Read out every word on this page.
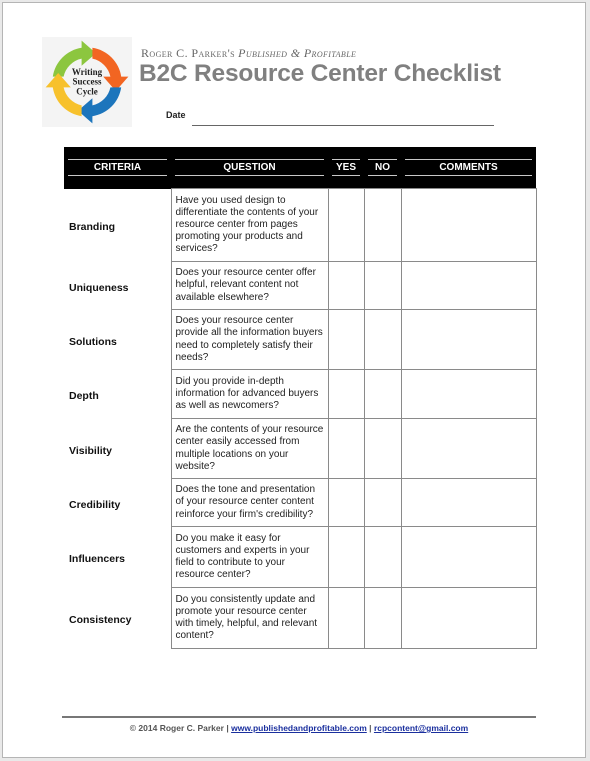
Writing
Success
Cycle
Roger C. Parker's Published & Profitable
B2C Resource Center Checklist
Date
CRITERIA	QUESTION	YES	NO	COMMENTS

Branding	Have you used design to differentiate the contents of your resource center from pages promoting your products and services?			
Uniqueness	Does your resource center offer helpful, relevant content not available elsewhere?			
Solutions	Does your resource center provide all the information buyers need to completely satisfy their needs?			
Depth	Did you provide in-depth information for advanced buyers as well as newcomers?			
Visibility	Are the contents of your resource center easily accessed from multiple locations on your website?			
Credibility	Does the tone and presentation of your resource center content reinforce your firm's credibility?			
Influencers	Do you make it easy for customers and experts in your field to contribute to your resource center?			
Consistency	Do you consistently update and promote your resource center with timely, helpful, and relevant content?			
© 2014 Roger C. Parker | www.publishedandprofitable.com | rcpcontent@gmail.com
